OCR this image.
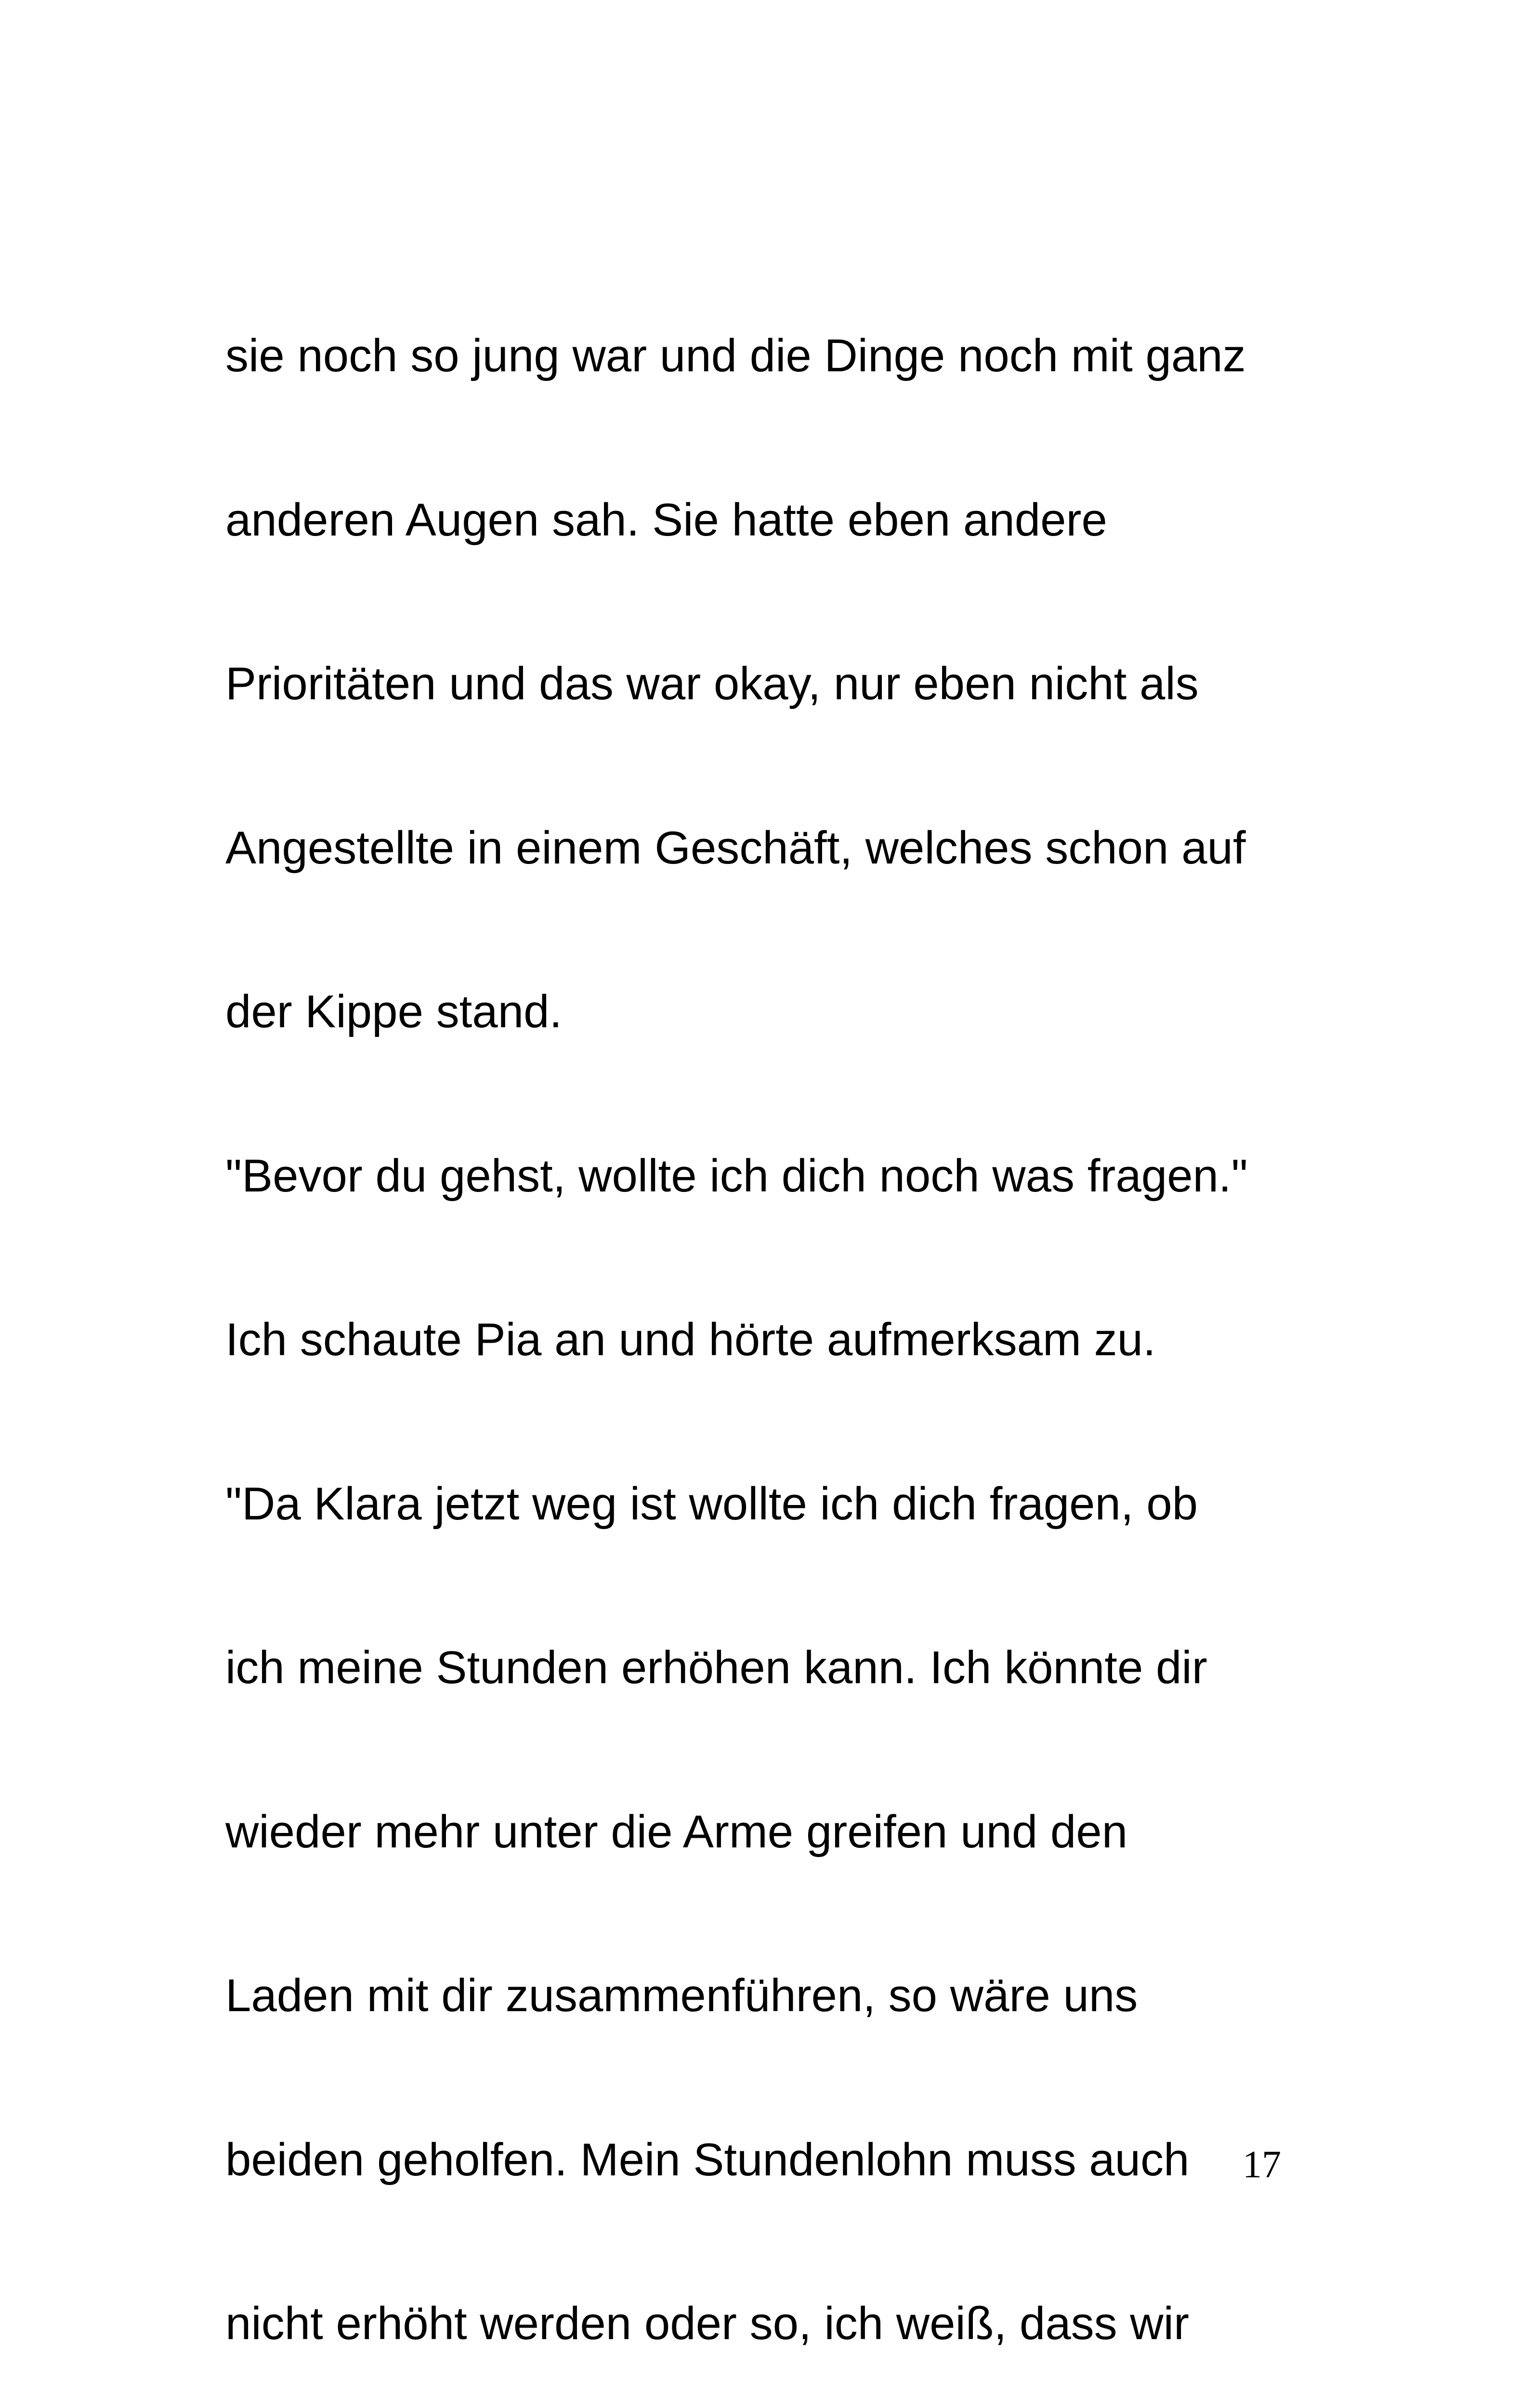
sie noch so jung war und die Dinge noch mit ganz

anderen Augen sah. Sie hatte eben andere

Prioritäten und das war okay, nur eben nicht als

Angestellte in einem Geschäft, welches schon auf

der Kippe stand.

"Bevor du gehst, wollte ich dich noch was fragen."

Ich schaute Pia an und hörte aufmerksam zu.

"Da Klara jetzt weg ist wollte ich dich fragen, ob

ich meine Stunden erhöhen kann. Ich könnte dir

wieder mehr unter die Arme greifen und den

Laden mit dir zusammenführen, so wäre uns

beiden geholfen. Mein Stundenlohn muss auch

nicht erhöht werden oder so, ich weiß, dass wir

17
